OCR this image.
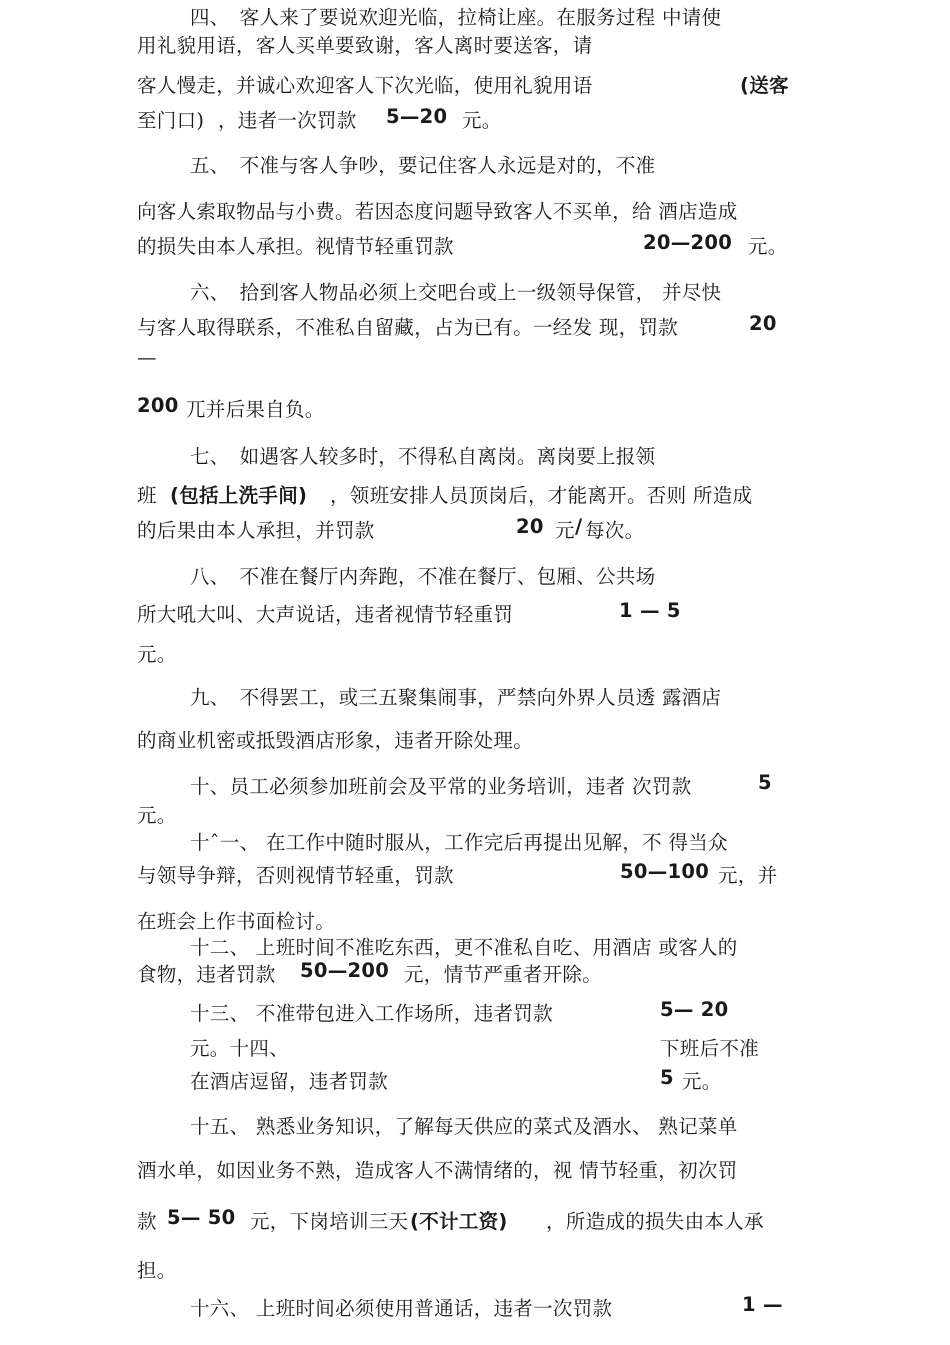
四、　客人来了要说欢迎光临，拉椅让座。在服务过程 中请使
用礼貌用语，客人买单要致谢，客人离时要送客，请
客人慢走，并诚心欢迎客人下次光临，使用礼貌用语	(送客
至门口) ，违者一次罚款 5—20 元。
五、　不准与客人争吵，要记住客人永远是对的，不准
向客人索取物品与小费。若因态度问题导致客人不买单，给 酒店造成
的损失由本人承担。视情节轻重罚款	20—200 元。
六、　拾到客人物品必须上交吧台或上一级领导保管， 并尽快
与客人取得联系，不准私自留藏，占为已有。一经发 现，罚款	20
—
200 兀并后果自负。
七、　如遇客人较多时，不得私自离岗。离岗要上报领
班 (包括上洗手间) ，领班安排人员顶岗后，才能离开。否则 所造成
的后果由本人承担，并罚款	20 元 / 每次。
八、　不准在餐厅内奔跑，不准在餐厅、包厢、公共场
所大吼大叫、大声说话，违者视情节轻重罚	1 — 5
元。
九、　不得罢工，或三五聚集闹事，严禁向外界人员透 露酒店
的商业机密或抵毁酒店形象，违者开除处理。
十、员工必须参加班前会及平常的业务培训，违者 次罚款	5
元。
十ˆ一、 在工作中随时服从，工作完后再提出见解，不 得当众
与领导争辩，否则视情节轻重，罚款	50—100 元，并
在班会上作书面检讨。
十二、 上班时间不准吃东西，更不准私自吃、用酒店 或客人的
食物，违者罚款 50—200 元，情节严重者开除。
十三、 不准带包进入工作场所，违者罚款	5— 20
元。十四、	下班后不准
在酒店逗留，违者罚款	5 元。
十五、 熟悉业务知识，了解每天供应的菜式及酒水、 熟记菜单
酒水单，如因业务不熟，造成客人不满情绪的，视 情节轻重，初次罚
款 5— 50 元，下岗培训三天 (不计工资) ，所造成的损失由本人承
担。
十六、 上班时间必须使用普通话，违者一次罚款	1 —
